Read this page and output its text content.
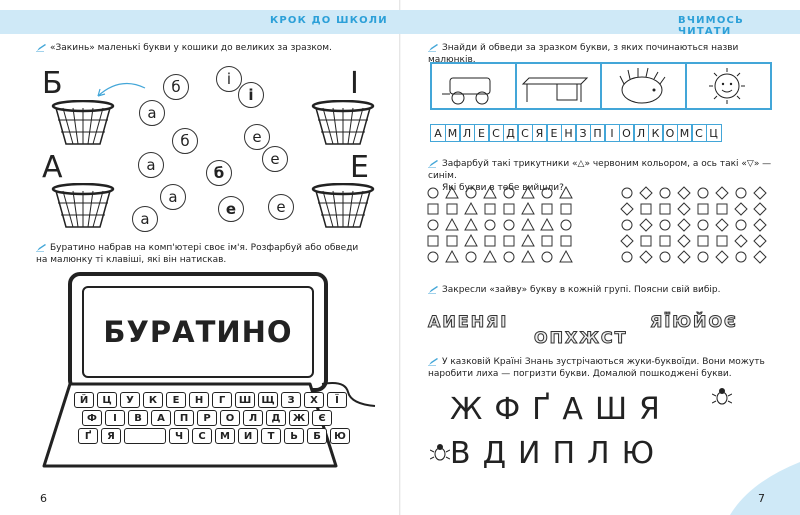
КРОК ДО ШКОЛИ
«Закинь» маленькі букви у кошики до великих за зразком.
Б	І
А	Е
б	і
а
і
б	е
е
а	б
а
е	е
а
Буратино набрав на комп'ютері своє ім'я. Розфарбуй або обведи на малюнку ті клавіші, які він натискав.
БУРАТИНО
Й	Ц	У	К	Е	Н	Г	Ш	Щ	З	Х	Ї
Ф	І	В	А	П	Р	О	Л	Д	Ж	Є
Ґ	Я	Ч	С	М	И	Т	Ь	Б	Ю
6
ВЧИМОСЬ ЧИТАТИ
Знайди й обведи за зразком букви, з яких починаються назви малюнків.
А М Л Е С Д С Я Е Н З П І О Л К О М С Ц
Зафарбуй такі трикутники «△» червоним кольором, а ось такі «▽» — синім.
Які букви в тебе вийшли?
Закресли «зайву» букву в кожній групі. Поясни свій вибір.
АИЕНЯІ
ОПХЖСТ
ЯЇЮЙОЄ
У казковій Країні Знань зустрічаються жуки-буквоїди. Вони можуть наробити лиха — погризти букви. Домалюй пошкоджені букви.
ЖФҐАШЯ
ВДИПЛЮ
7
